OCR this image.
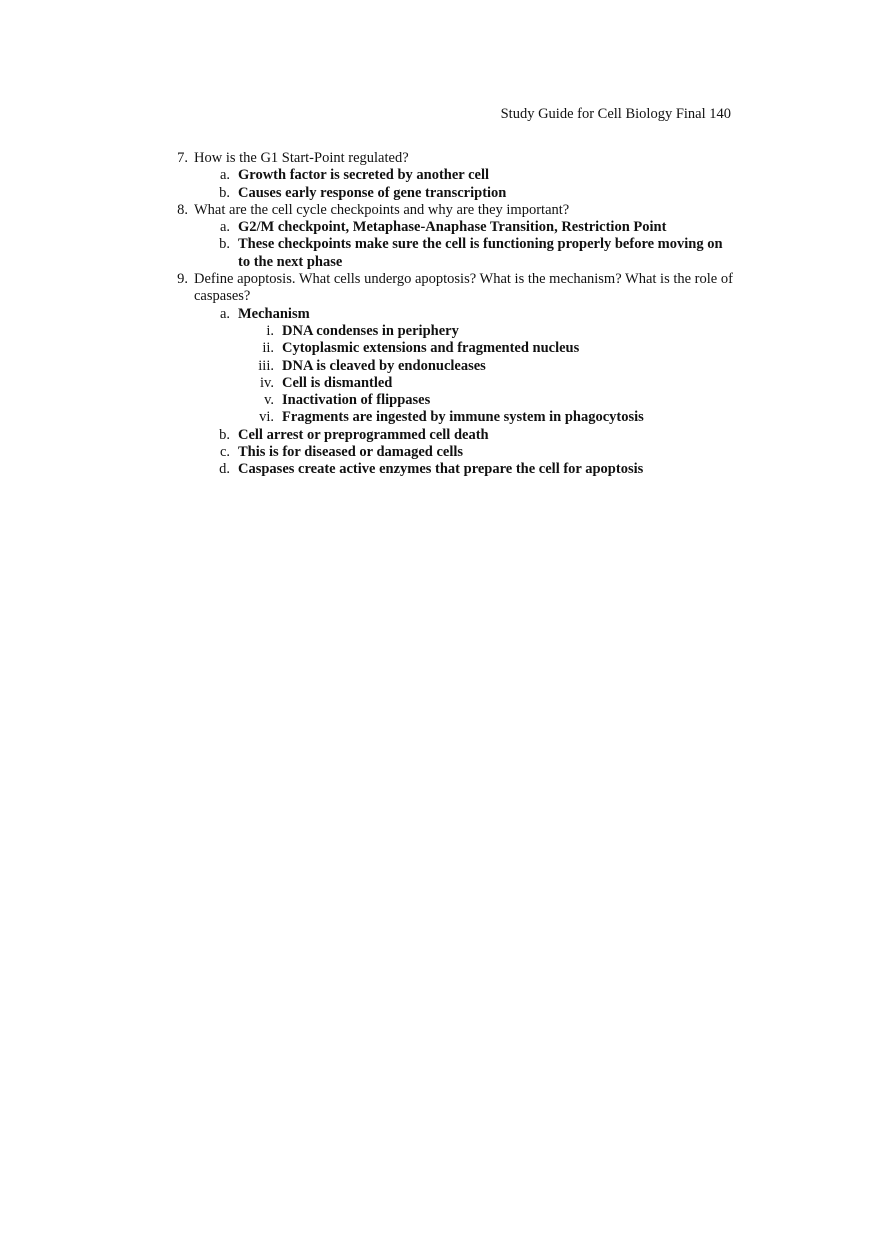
Study Guide for Cell Biology Final 140
7. How is the G1 Start-Point regulated?
a. Growth factor is secreted by another cell
b. Causes early response of gene transcription
8. What are the cell cycle checkpoints and why are they important?
a. G2/M checkpoint, Metaphase-Anaphase Transition, Restriction Point
b. These checkpoints make sure the cell is functioning properly before moving on to the next phase
9. Define apoptosis. What cells undergo apoptosis? What is the mechanism? What is the role of caspases?
a. Mechanism
i. DNA condenses in periphery
ii. Cytoplasmic extensions and fragmented nucleus
iii. DNA is cleaved by endonucleases
iv. Cell is dismantled
v. Inactivation of flippases
vi. Fragments are ingested by immune system in phagocytosis
b. Cell arrest or preprogrammed cell death
c. This is for diseased or damaged cells
d. Caspases create active enzymes that prepare the cell for apoptosis
